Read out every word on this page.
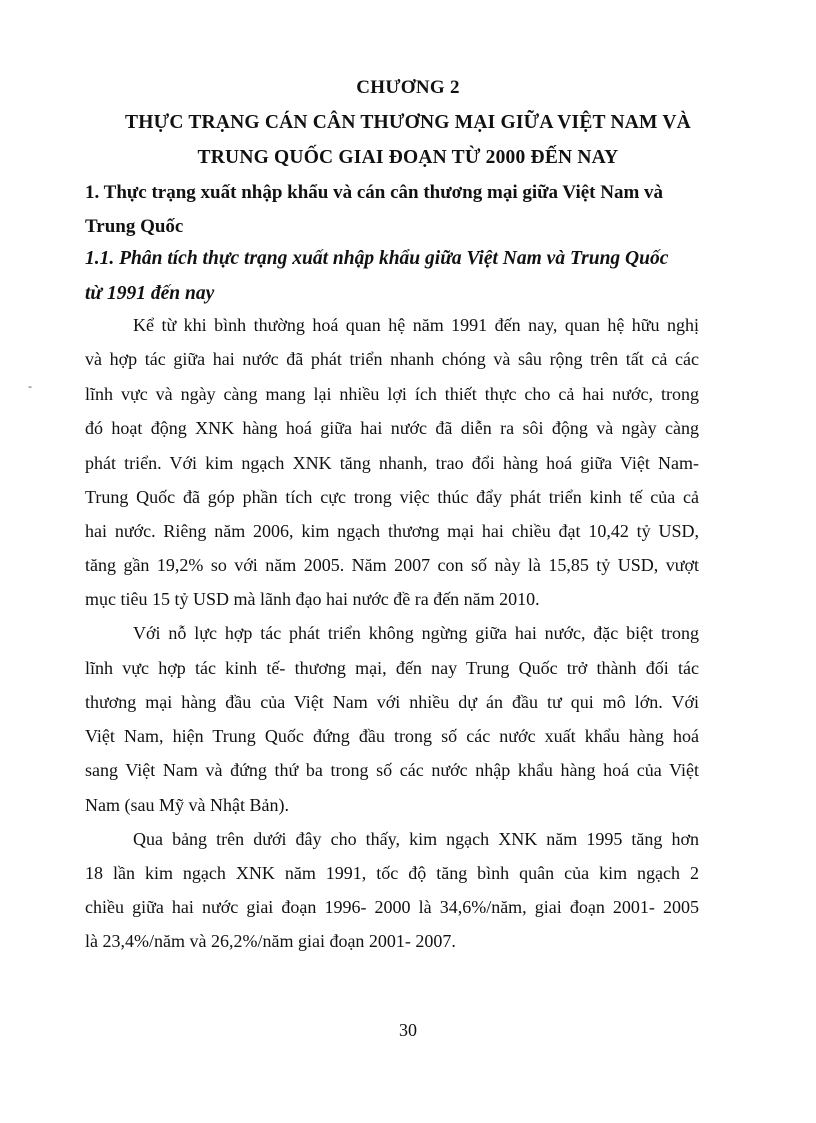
-
CHƯƠNG 2
THỰC TRẠNG CÁN CÂN THƯƠNG MẠI GIỮA VIỆT NAM VÀ
TRUNG QUỐC GIAI ĐOẠN TỪ 2000 ĐẾN NAY
1. Thực trạng xuất nhập khẩu và cán cân thương mại giữa Việt Nam và
Trung Quốc
1.1. Phân tích thực trạng xuất nhập khẩu giữa Việt Nam và Trung Quốc
từ 1991 đến nay
Kể từ khi bình thường hoá quan hệ năm 1991 đến nay, quan hệ hữu nghị
và hợp tác giữa hai nước đã phát triển nhanh chóng và sâu rộng trên tất cả các
lĩnh vực và ngày càng mang lại nhiều lợi ích thiết thực cho cả hai nước, trong
đó hoạt động XNK hàng hoá giữa hai nước đã diễn ra sôi động và ngày càng
phát triển. Với kim ngạch XNK tăng nhanh, trao đổi hàng hoá giữa Việt Nam-
Trung Quốc đã góp phần tích cực trong việc thúc đẩy phát triển kinh tế của cả
hai nước. Riêng năm 2006, kim ngạch thương mại hai chiều đạt 10,42 tỷ USD,
tăng gần 19,2% so với năm 2005. Năm 2007 con số này là 15,85 tỷ USD, vượt
mục tiêu 15 tỷ USD mà lãnh đạo hai nước đề ra đến năm 2010.
Với nỗ lực hợp tác phát triển không ngừng giữa hai nước, đặc biệt trong
lĩnh vực hợp tác kinh tế- thương mại, đến nay Trung Quốc trở thành đối tác
thương mại hàng đầu của Việt Nam với nhiều dự án đầu tư qui mô lớn. Với
Việt Nam, hiện Trung Quốc đứng đầu trong số các nước xuất khẩu hàng hoá
sang Việt Nam và đứng thứ ba trong số các nước nhập khẩu hàng hoá của Việt
Nam (sau Mỹ và Nhật Bản).
Qua bảng trên dưới đây cho thấy, kim ngạch XNK năm 1995 tăng hơn
18 lần kim ngạch XNK năm 1991, tốc độ tăng bình quân của kim ngạch 2
chiều giữa hai nước giai đoạn 1996- 2000 là 34,6%/năm, giai đoạn 2001- 2005
là 23,4%/năm và 26,2%/năm giai đoạn 2001- 2007.
30
